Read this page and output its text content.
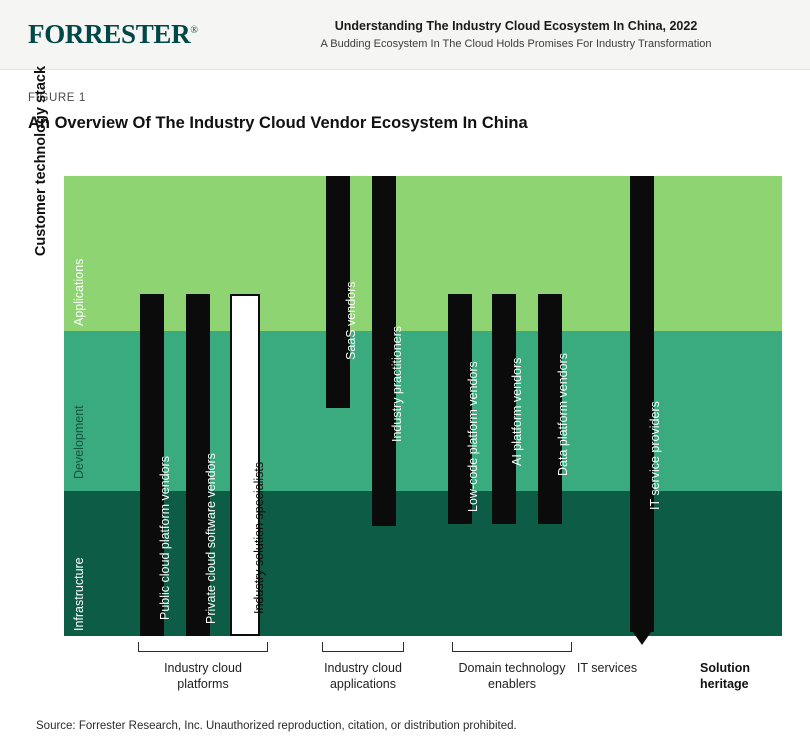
FORRESTER®	Understanding The Industry Cloud Ecosystem In China, 2022
A Budding Ecosystem In The Cloud Holds Promises For Industry Transformation
FIGURE 1
An Overview Of The Industry Cloud Vendor Ecosystem In China
Customer technology stack
Applications
Development
Infrastructure	Public cloud platform vendors	Private cloud software vendors	Industry solution specialists
SaaS vendors
Industry practitioners	Low-code platform vendors AI platform vendors	Data platform vendors	IT service providers
Industry cloud
platforms
Industry cloud
applications
Domain technology
enablers
IT services	Solution
heritage
Source: Forrester Research, Inc. Unauthorized reproduction, citation, or distribution prohibited.
